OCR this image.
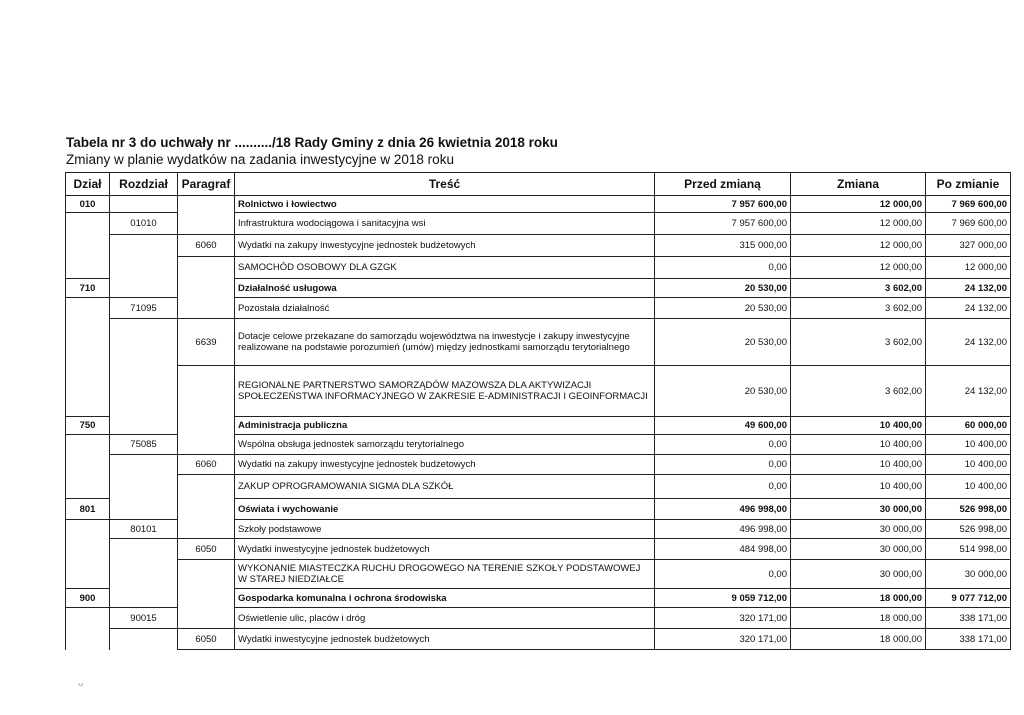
Tabela nr 3 do uchwały nr ........../18 Rady Gminy z dnia 26 kwietnia 2018 roku
Zmiany w planie wydatków na zadania inwestycyjne w 2018 roku
Dział	Rozdział	Paragraf	Treść	Przed zmianą	Zmiana	Po zmianie
010			Rolnictwo i łowiectwo	7 957 600,00	12 000,00	7 969 600,00
	01010		Infrastruktura wodociągowa i sanitacyjna wsi	7 957 600,00	12 000,00	7 969 600,00
		6060	Wydatki na zakupy inwestycyjne jednostek budżetowych	315 000,00	12 000,00	327 000,00
			SAMOCHÓD OSOBOWY DLA GZGK	0,00	12 000,00	12 000,00
710			Działalność usługowa	20 530,00	3 602,00	24 132,00
	71095		Pozostała działalność	20 530,00	3 602,00	24 132,00
		6639	Dotacje celowe przekazane do samorządu województwa na inwestycje i zakupy inwestycyjne realizowane na podstawie porozumień (umów) między jednostkami samorządu terytorialnego	20 530,00	3 602,00	24 132,00
			REGIONALNE PARTNERSTWO SAMORZĄDÓW MAZOWSZA DLA AKTYWIZACJI SPOŁECZEŃSTWA INFORMACYJNEGO W ZAKRESIE E-ADMINISTRACJI I GEOINFORMACJI	20 530,00	3 602,00	24 132,00
750			Administracja publiczna	49 600,00	10 400,00	60 000,00
	75085		Wspólna obsługa jednostek samorządu terytorialnego	0,00	10 400,00	10 400,00
		6060	Wydatki na zakupy inwestycyjne jednostek budżetowych	0,00	10 400,00	10 400,00
			ZAKUP OPROGRAMOWANIA SIGMA DLA SZKÓŁ	0,00	10 400,00	10 400,00
801			Oświata i wychowanie	496 998,00	30 000,00	526 998,00
	80101		Szkoły podstawowe	496 998,00	30 000,00	526 998,00
		6050	Wydatki inwestycyjne jednostek budżetowych	484 998,00	30 000,00	514 998,00
			WYKONANIE MIASTECZKA RUCHU DROGOWEGO NA TERENIE SZKOŁY PODSTAWOWEJ W STAREJ NIEDZIAŁCE	0,00	30 000,00	30 000,00
900			Gospodarka komunalna i ochrona środowiska	9 059 712,00	18 000,00	9 077 712,00
	90015		Oświetlenie ulic, placów i dróg	320 171,00	18 000,00	338 171,00
		6050	Wydatki inwestycyjne jednostek budżetowych	320 171,00	18 000,00	338 171,00
ᴗ
